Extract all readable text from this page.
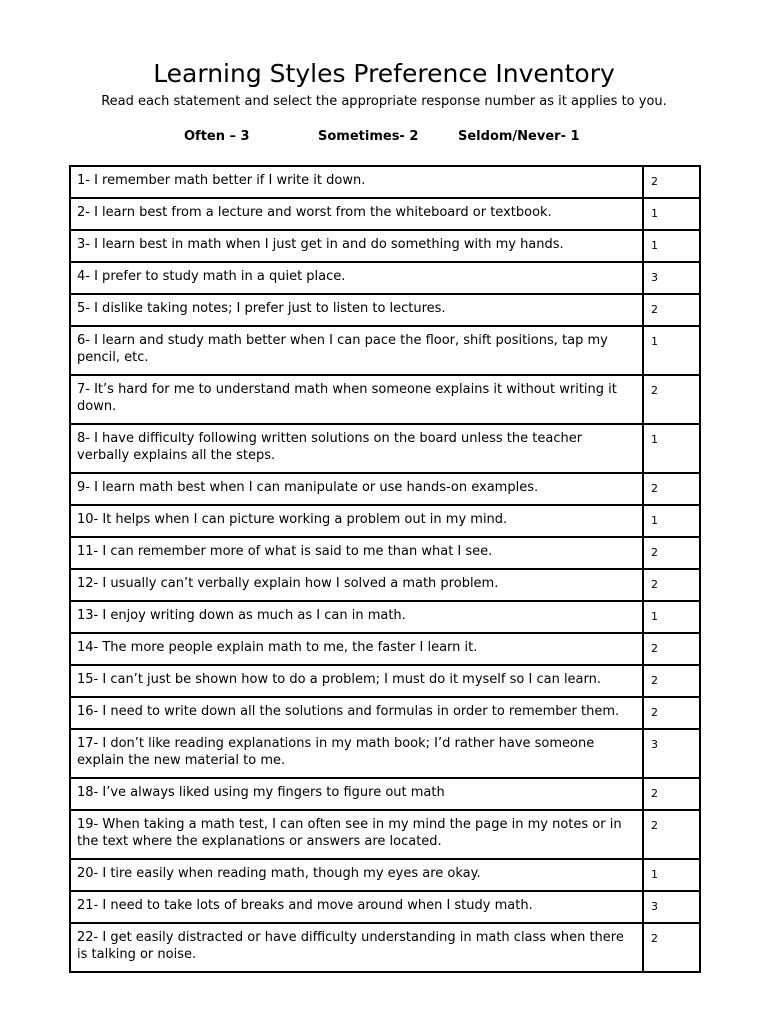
Learning Styles Preference Inventory

Read each statement and select the appropriate response number as it applies to you.

Often – 3	Sometimes- 2	Seldom/Never- 1
1- I remember math better if I write it down.	2
2- I learn best from a lecture and worst from the whiteboard or textbook.	1
3- I learn best in math when I just get in and do something with my hands.	1
4- I prefer to study math in a quiet place.	3
5- I dislike taking notes; I prefer just to listen to lectures.	2
6- I learn and study math better when I can pace the floor, shift positions, tap my pencil, etc.	1
7- It’s hard for me to understand math when someone explains it without writing it down.	2
8- I have difficulty following written solutions on the board unless the teacher verbally explains all the steps.	1
9- I learn math best when I can manipulate or use hands-on examples.	2
10- It helps when I can picture working a problem out in my mind.	1
11- I can remember more of what is said to me than what I see.	2
12- I usually can’t verbally explain how I solved a math problem.	2
13- I enjoy writing down as much as I can in math.	1
14- The more people explain math to me, the faster I learn it.	2
15- I can’t just be shown how to do a problem; I must do it myself so I can learn.	2
16- I need to write down all the solutions and formulas in order to remember them.	2
17- I don’t like reading explanations in my math book; I’d rather have someone explain the new material to me.	3
18- I’ve always liked using my fingers to figure out math	2
19- When taking a math test, I can often see in my mind the page in my notes or in the text where the explanations or answers are located.	2
20- I tire easily when reading math, though my eyes are okay.	1
21- I need to take lots of breaks and move around when I study math.	3
22- I get easily distracted or have difficulty understanding in math class when there is talking or noise.	2
